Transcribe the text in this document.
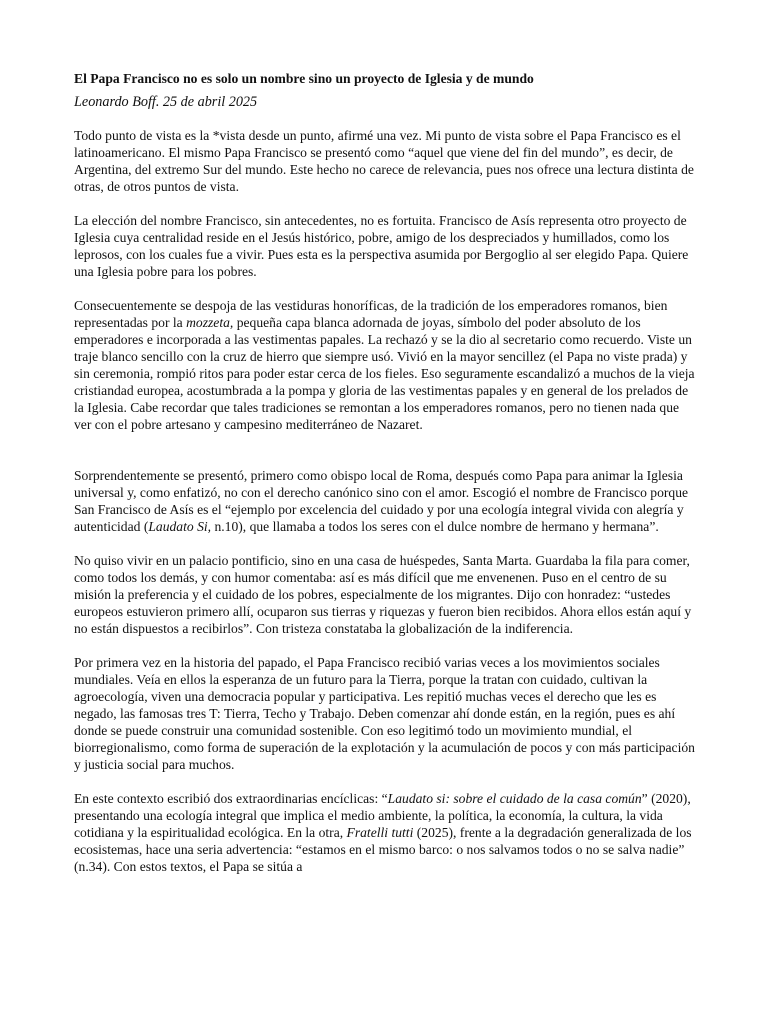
El Papa Francisco no es solo un nombre sino un proyecto de Iglesia y de mundo
Leonardo Boff. 25 de abril 2025

Todo punto de vista es la *vista desde un punto, afirmé una vez. Mi punto de vista sobre el Papa Francisco es el latinoamericano. El mismo Papa Francisco se presentó como “aquel que viene del fin del mundo”, es decir, de Argentina, del extremo Sur del mundo. Este hecho no carece de relevancia, pues nos ofrece una lectura distinta de otras, de otros puntos de vista.

La elección del nombre Francisco, sin antecedentes, no es fortuita. Francisco de Asís representa otro proyecto de Iglesia cuya centralidad reside en el Jesús histórico, pobre, amigo de los despreciados y humillados, como los leprosos, con los cuales fue a vivir. Pues esta es la perspectiva asumida por Bergoglio al ser elegido Papa. Quiere una Iglesia pobre para los pobres.

Consecuentemente se despoja de las vestiduras honoríficas, de la tradición de los emperadores romanos, bien representadas por la mozzeta, pequeña capa blanca adornada de joyas, símbolo del poder absoluto de los emperadores e incorporada a las vestimentas papales. La rechazó y se la dio al secretario como recuerdo. Viste un traje blanco sencillo con la cruz de hierro que siempre usó. Vivió en la mayor sencillez (el Papa no viste prada) y sin ceremonia, rompió ritos para poder estar cerca de los fieles. Eso seguramente escandalizó a muchos de la vieja cristiandad europea, acostumbrada a la pompa y gloria de las vestimentas papales y en general de los prelados de la Iglesia. Cabe recordar que tales tradiciones se remontan a los emperadores romanos, pero no tienen nada que ver con el pobre artesano y campesino mediterráneo de Nazaret.

Sorprendentemente se presentó, primero como obispo local de Roma, después como Papa para animar la Iglesia universal y, como enfatizó, no con el derecho canónico sino con el amor. Escogió el nombre de Francisco porque San Francisco de Asís es el “ejemplo por excelencia del cuidado y por una ecología integral vivida con alegría y autenticidad (Laudato Si, n.10), que llamaba a todos los seres con el dulce nombre de hermano y hermana”.

No quiso vivir en un palacio pontificio, sino en una casa de huéspedes, Santa Marta. Guardaba la fila para comer, como todos los demás, y con humor comentaba: así es más difícil que me envenenen. Puso en el centro de su misión la preferencia y el cuidado de los pobres, especialmente de los migrantes. Dijo con honradez: “ustedes europeos estuvieron primero allí, ocuparon sus tierras y riquezas y fueron bien recibidos. Ahora ellos están aquí y no están dispuestos a recibirlos”. Con tristeza constataba la globalización de la indiferencia.

Por primera vez en la historia del papado, el Papa Francisco recibió varias veces a los movimientos sociales mundiales. Veía en ellos la esperanza de un futuro para la Tierra, porque la tratan con cuidado, cultivan la agroecología, viven una democracia popular y participativa. Les repitió muchas veces el derecho que les es negado, las famosas tres T: Tierra, Techo y Trabajo. Deben comenzar ahí donde están, en la región, pues es ahí donde se puede construir una comunidad sostenible. Con eso legitimó todo un movimiento mundial, el biorregionalismo, como forma de superación de la explotación y la acumulación de pocos y con más participación y justicia social para muchos.

En este contexto escribió dos extraordinarias encíclicas: “Laudato si: sobre el cuidado de la casa común” (2020), presentando una ecología integral que implica el medio ambiente, la política, la economía, la cultura, la vida cotidiana y la espiritualidad ecológica. En la otra, Fratelli tutti (2025), frente a la degradación generalizada de los ecosistemas, hace una seria advertencia: “estamos en el mismo barco: o nos salvamos todos o no se salva nadie” (n.34). Con estos textos, el Papa se sitúa a
